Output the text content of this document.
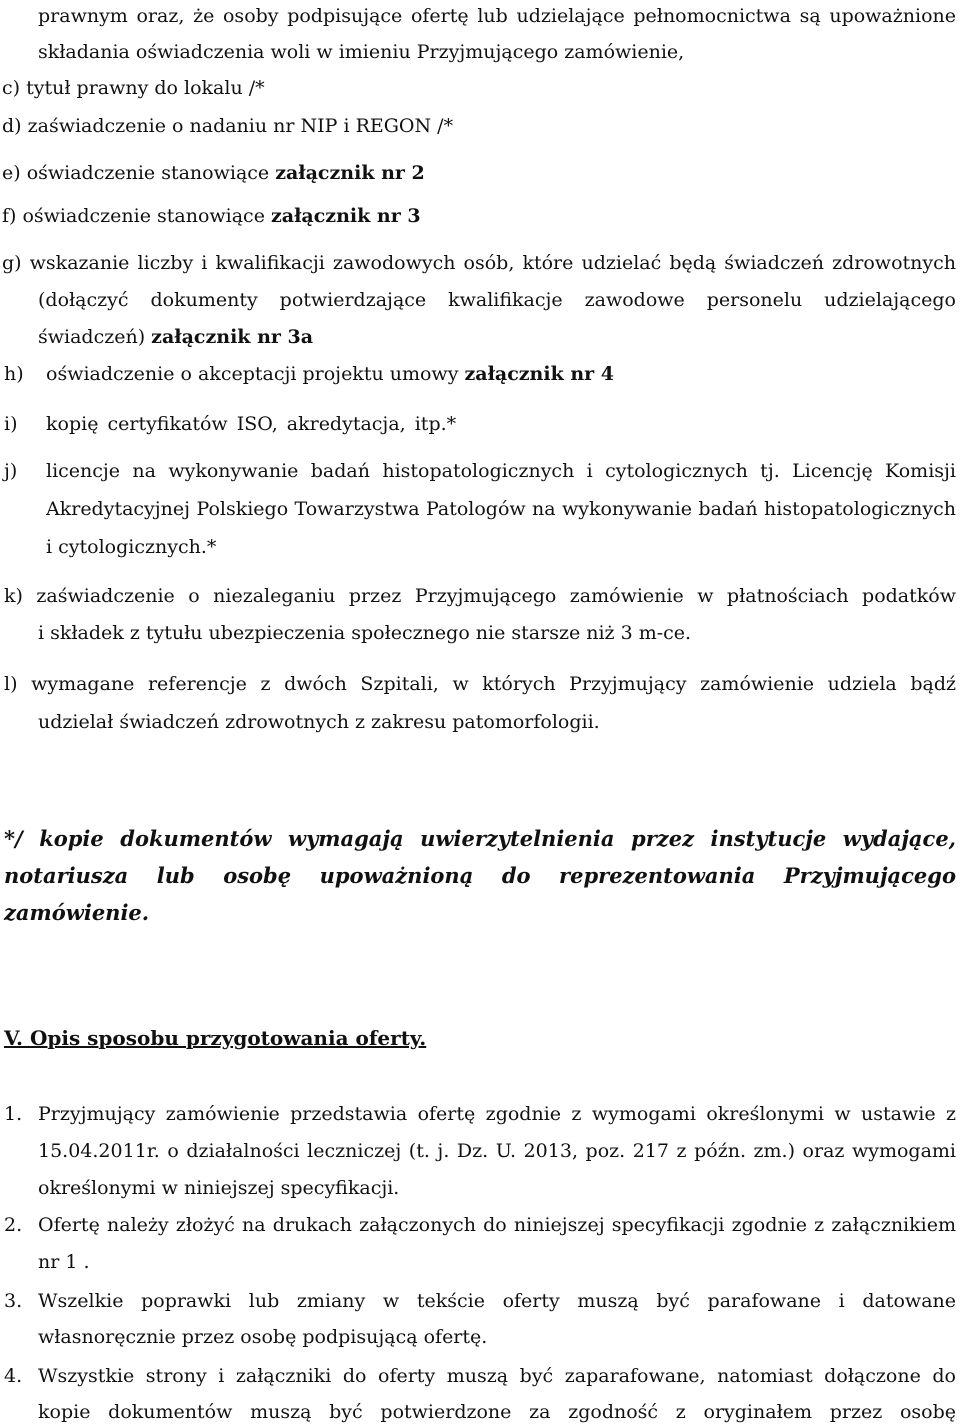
prawnym oraz, że osoby podpisujące ofertę lub udzielające pełnomocnictwa są upoważnione
składania oświadczenia woli w imieniu Przyjmującego zamówienie,
c) tytuł prawny do lokalu /*
d) zaświadczenie o nadaniu nr NIP i REGON /*
e) oświadczenie stanowiące załącznik nr 2
f) oświadczenie stanowiące załącznik nr 3
g) wskazanie liczby i kwalifikacji zawodowych osób, które udzielać będą świadczeń zdrowotnych
(dołączyć dokumenty potwierdzające kwalifikacje zawodowe personelu udzielającego
świadczeń) załącznik nr 3a
h) oświadczenie o akceptacji projektu umowy załącznik nr 4
i) kopię certyfikatów ISO, akredytacja, itp.*
j) licencje na wykonywanie badań histopatologicznych i cytologicznych tj. Licencję Komisji
Akredytacyjnej Polskiego Towarzystwa Patologów na wykonywanie badań histopatologicznych
i cytologicznych.*
k) zaświadczenie o niezaleganiu przez Przyjmującego zamówienie w płatnościach podatków
i składek z tytułu ubezpieczenia społecznego nie starsze niż 3 m-ce.
l) wymagane referencje z dwóch Szpitali, w których Przyjmujący zamówienie udziela bądź
udzielał świadczeń zdrowotnych z zakresu patomorfologii.
*/ kopie dokumentów wymagają uwierzytelnienia przez instytucje wydające,
notariusza lub osobę upoważnioną do reprezentowania Przyjmującego
zamówienie.
V. Opis sposobu przygotowania oferty.
1. Przyjmujący zamówienie przedstawia ofertę zgodnie z wymogami określonymi w ustawie z
15.04.2011r. o działalności leczniczej (t. j. Dz. U. 2013, poz. 217 z późn. zm.) oraz wymogami
określonymi w niniejszej specyfikacji.
2. Ofertę należy złożyć na drukach załączonych do niniejszej specyfikacji zgodnie z załącznikiem
nr 1 .
3. Wszelkie poprawki lub zmiany w tekście oferty muszą być parafowane i datowane
własnoręcznie przez osobę podpisującą ofertę.
4. Wszystkie strony i załączniki do oferty muszą być zaparafowane, natomiast dołączone do
kopie dokumentów muszą być potwierdzone za zgodność z oryginałem przez osobę
